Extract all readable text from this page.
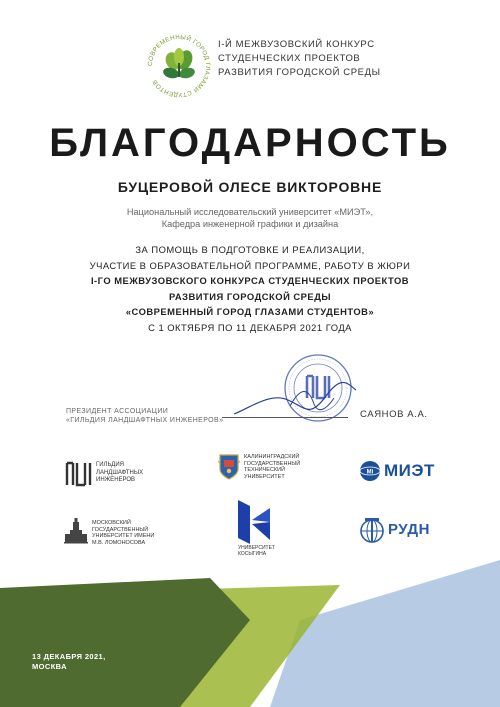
СОВРЕМЕННЫЙ ГОРОД ГЛАЗАМИ СТУДЕНТОВ
I-Й МЕЖВУЗОВСКИЙ КОНКУРС
СТУДЕНЧЕСКИХ ПРОЕКТОВ
РАЗВИТИЯ ГОРОДСКОЙ СРЕДЫ
БЛАГОДАРНОСТЬ
БУЦЕРОВОЙ ОЛЕСЕ ВИКТОРОВНЕ
Национальный исследовательский университет «МИЭТ»,
Кафедра инженерной графики и дизайна
ЗА ПОМОЩЬ В ПОДГОТОВКЕ И РЕАЛИЗАЦИИ,
УЧАСТИЕ В ОБРАЗОВАТЕЛЬНОЙ ПРОГРАММЕ, РАБОТУ В ЖЮРИ
I-ГО МЕЖВУЗОВСКОГО КОНКУРСА СТУДЕНЧЕСКИХ ПРОЕКТОВ
РАЗВИТИЯ ГОРОДСКОЙ СРЕДЫ
«СОВРЕМЕННЫЙ ГОРОД ГЛАЗАМИ СТУДЕНТОВ»
С 1 ОКТЯБРЯ ПО 11 ДЕКАБРЯ 2021 ГОДА
ПРЕЗИДЕНТ АССОЦИАЦИИ
«ГИЛЬДИЯ ЛАНДШАФТНЫХ ИНЖЕНЕРОВ»
САЯНОВ А.А.
ГИЛЬДИЯ
ЛАНДШАФТНЫХ
ИНЖЕНЕРОВ
КАЛИНИНГРАДСКИЙ
ГОСУДАРСТВЕННЫЙ
ТЕХНИЧЕСКИЙ
УНИВЕРСИТЕТ
Mi МИЭТ
МОСКОВСКИЙ
ГОСУДАРСТВЕННЫЙ
УНИВЕРСИТЕТ ИМЕНИ
М.В. ЛОМОНОСОВА
УНИВЕРСИТЕТ
КОСЫГИНА
РУДН
13 ДЕКАБРЯ 2021,
МОСКВА
